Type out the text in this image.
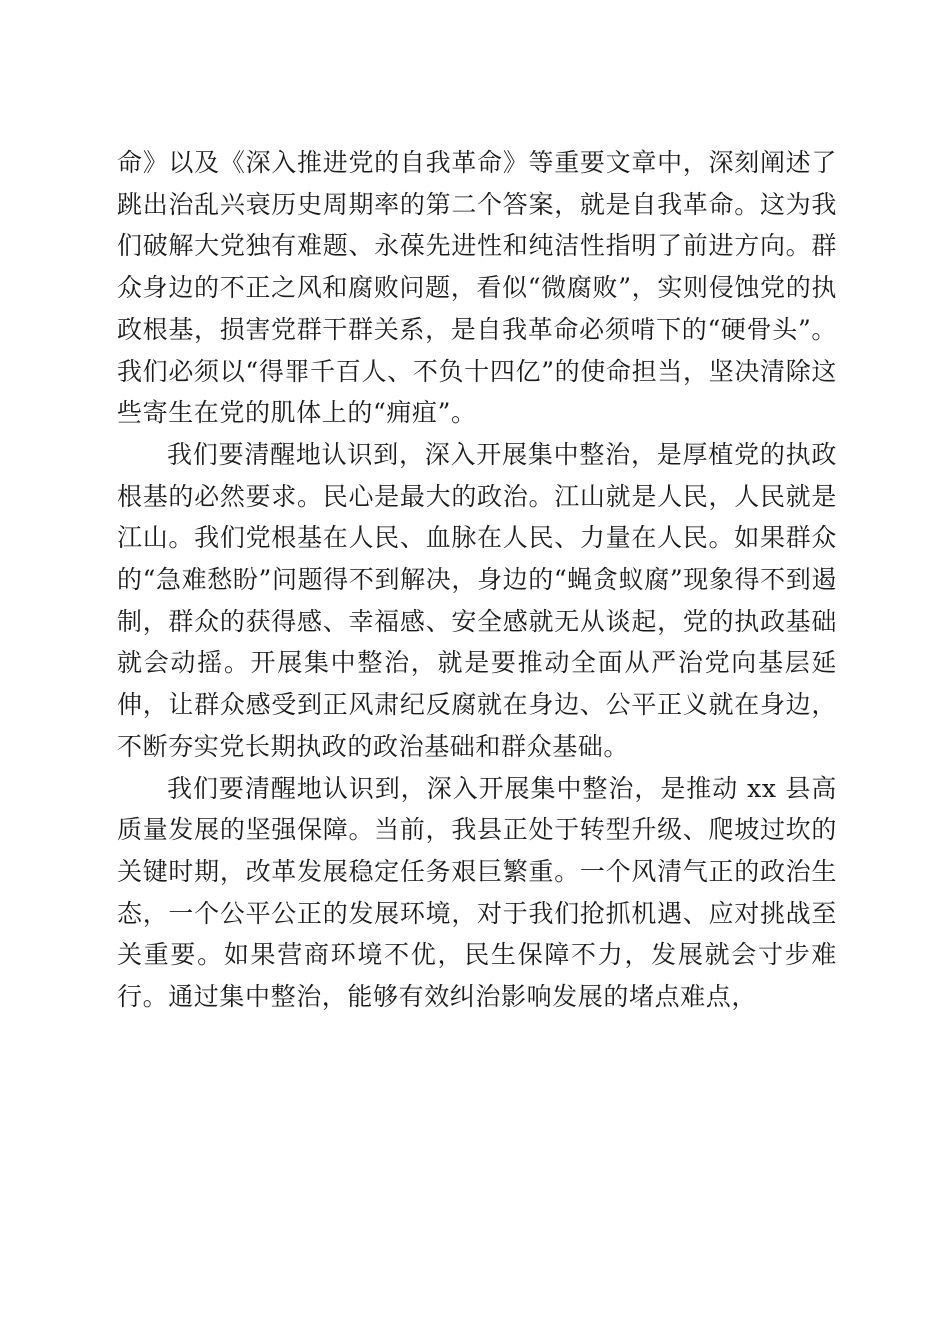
命》以及《深入推进党的自我革命》等重要文章中，深刻阐述了跳出治乱兴衰历史周期率的第二个答案，就是自我革命。这为我们破解大党独有难题、永葆先进性和纯洁性指明了前进方向。群众身边的不正之风和腐败问题，看似“微腐败”，实则侵蚀党的执政根基，损害党群干群关系，是自我革命必须啃下的“硬骨头”。我们必须以“得罪千百人、不负十四亿”的使命担当，坚决清除这些寄生在党的肌体上的“痈疽”。

我们要清醒地认识到，深入开展集中整治，是厚植党的执政根基的必然要求。民心是最大的政治。江山就是人民，人民就是江山。我们党根基在人民、血脉在人民、力量在人民。如果群众的“急难愁盼”问题得不到解决，身边的“蝇贪蚁腐”现象得不到遏制，群众的获得感、幸福感、安全感就无从谈起，党的执政基础就会动摇。开展集中整治，就是要推动全面从严治党向基层延伸，让群众感受到正风肃纪反腐就在身边、公平正义就在身边，不断夯实党长期执政的政治基础和群众基础。

我们要清醒地认识到，深入开展集中整治，是推动 xx 县高质量发展的坚强保障。当前，我县正处于转型升级、爬坡过坎的关键时期，改革发展稳定任务艰巨繁重。一个风清气正的政治生态，一个公平公正的发展环境，对于我们抢抓机遇、应对挑战至关重要。如果营商环境不优，民生保障不力，发展就会寸步难行。通过集中整治，能够有效纠治影响发展的堵点难点，
